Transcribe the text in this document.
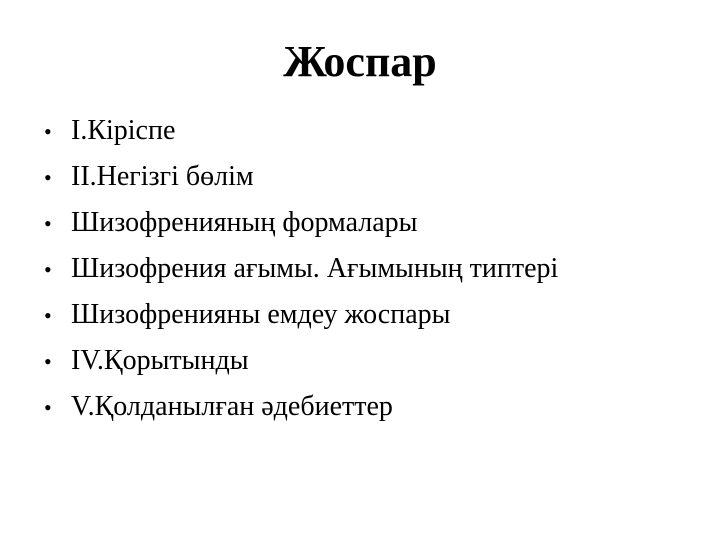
Жоспар
• I.Кіріспе
• II.Негізгі бөлім
• Шизофренияның формалары
• Шизофрения ағымы. Ағымының типтері
• Шизофренияны емдеу жоспары
• IV.Қорытынды
• V.Қолданылған әдебиеттер
